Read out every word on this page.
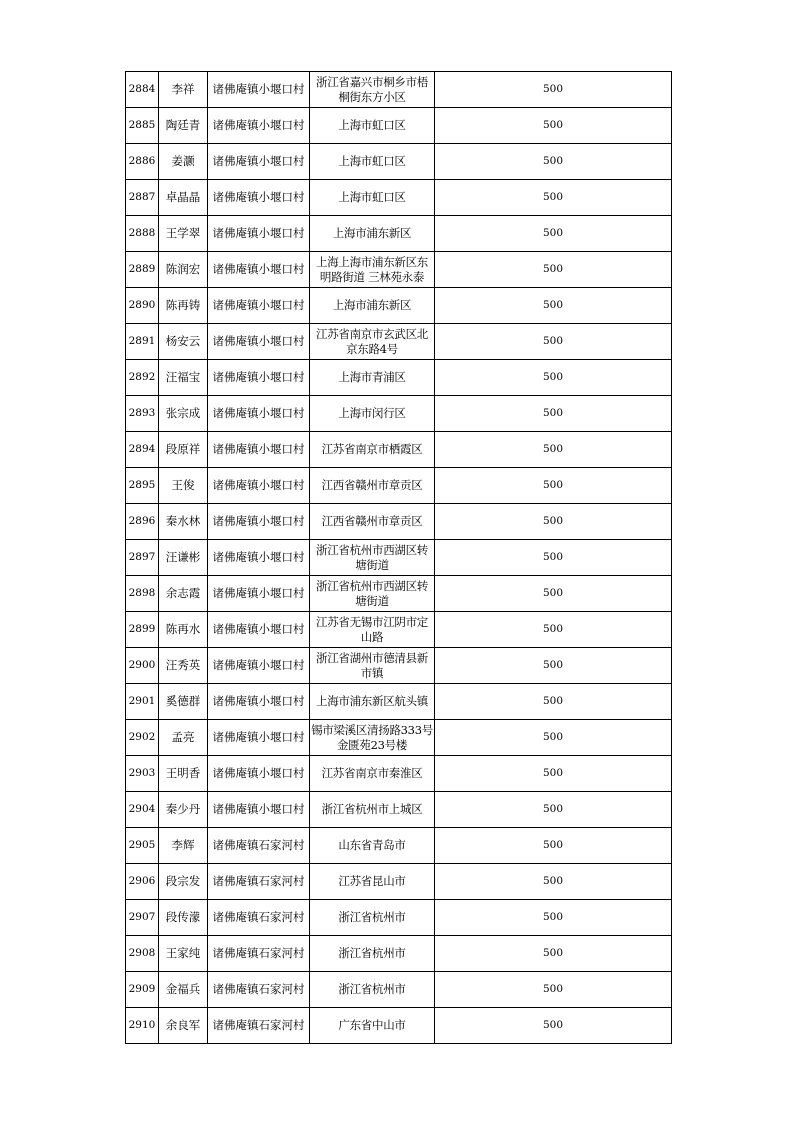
2884	李祥	诸佛庵镇小堰口村	浙江省嘉兴市桐乡市梧桐街东方小区	500
2885	陶廷青	诸佛庵镇小堰口村	上海市虹口区	500
2886	姜灏	诸佛庵镇小堰口村	上海市虹口区	500
2887	卓晶晶	诸佛庵镇小堰口村	上海市虹口区	500
2888	王学翠	诸佛庵镇小堰口村	上海市浦东新区	500
2889	陈润宏	诸佛庵镇小堰口村	上海上海市浦东新区东明路街道 三林苑永泰	500
2890	陈再铸	诸佛庵镇小堰口村	上海市浦东新区	500
2891	杨安云	诸佛庵镇小堰口村	江苏省南京市玄武区北京东路4号	500
2892	汪福宝	诸佛庵镇小堰口村	上海市青浦区	500
2893	张宗成	诸佛庵镇小堰口村	上海市闵行区	500
2894	段原祥	诸佛庵镇小堰口村	江苏省南京市栖霞区	500
2895	王俊	诸佛庵镇小堰口村	江西省赣州市章贡区	500
2896	秦水林	诸佛庵镇小堰口村	江西省赣州市章贡区	500
2897	汪谦彬	诸佛庵镇小堰口村	浙江省杭州市西湖区转塘街道	500
2898	余志霞	诸佛庵镇小堰口村	浙江省杭州市西湖区转塘街道	500
2899	陈再水	诸佛庵镇小堰口村	江苏省无锡市江阴市定山路	500
2900	汪秀英	诸佛庵镇小堰口村	浙江省湖州市德清县新市镇	500
2901	奚德群	诸佛庵镇小堰口村	上海市浦东新区航头镇	500
2902	孟亮	诸佛庵镇小堰口村	锡市梁溪区清扬路333号金匮苑23号楼	500
2903	王明香	诸佛庵镇小堰口村	江苏省南京市秦淮区	500
2904	秦少丹	诸佛庵镇小堰口村	浙江省杭州市上城区	500
2905	李辉	诸佛庵镇石家河村	山东省青岛市	500
2906	段宗发	诸佛庵镇石家河村	江苏省昆山市	500
2907	段传濛	诸佛庵镇石家河村	浙江省杭州市	500
2908	王家纯	诸佛庵镇石家河村	浙江省杭州市	500
2909	金福兵	诸佛庵镇石家河村	浙江省杭州市	500
2910	余良军	诸佛庵镇石家河村	广东省中山市	500
